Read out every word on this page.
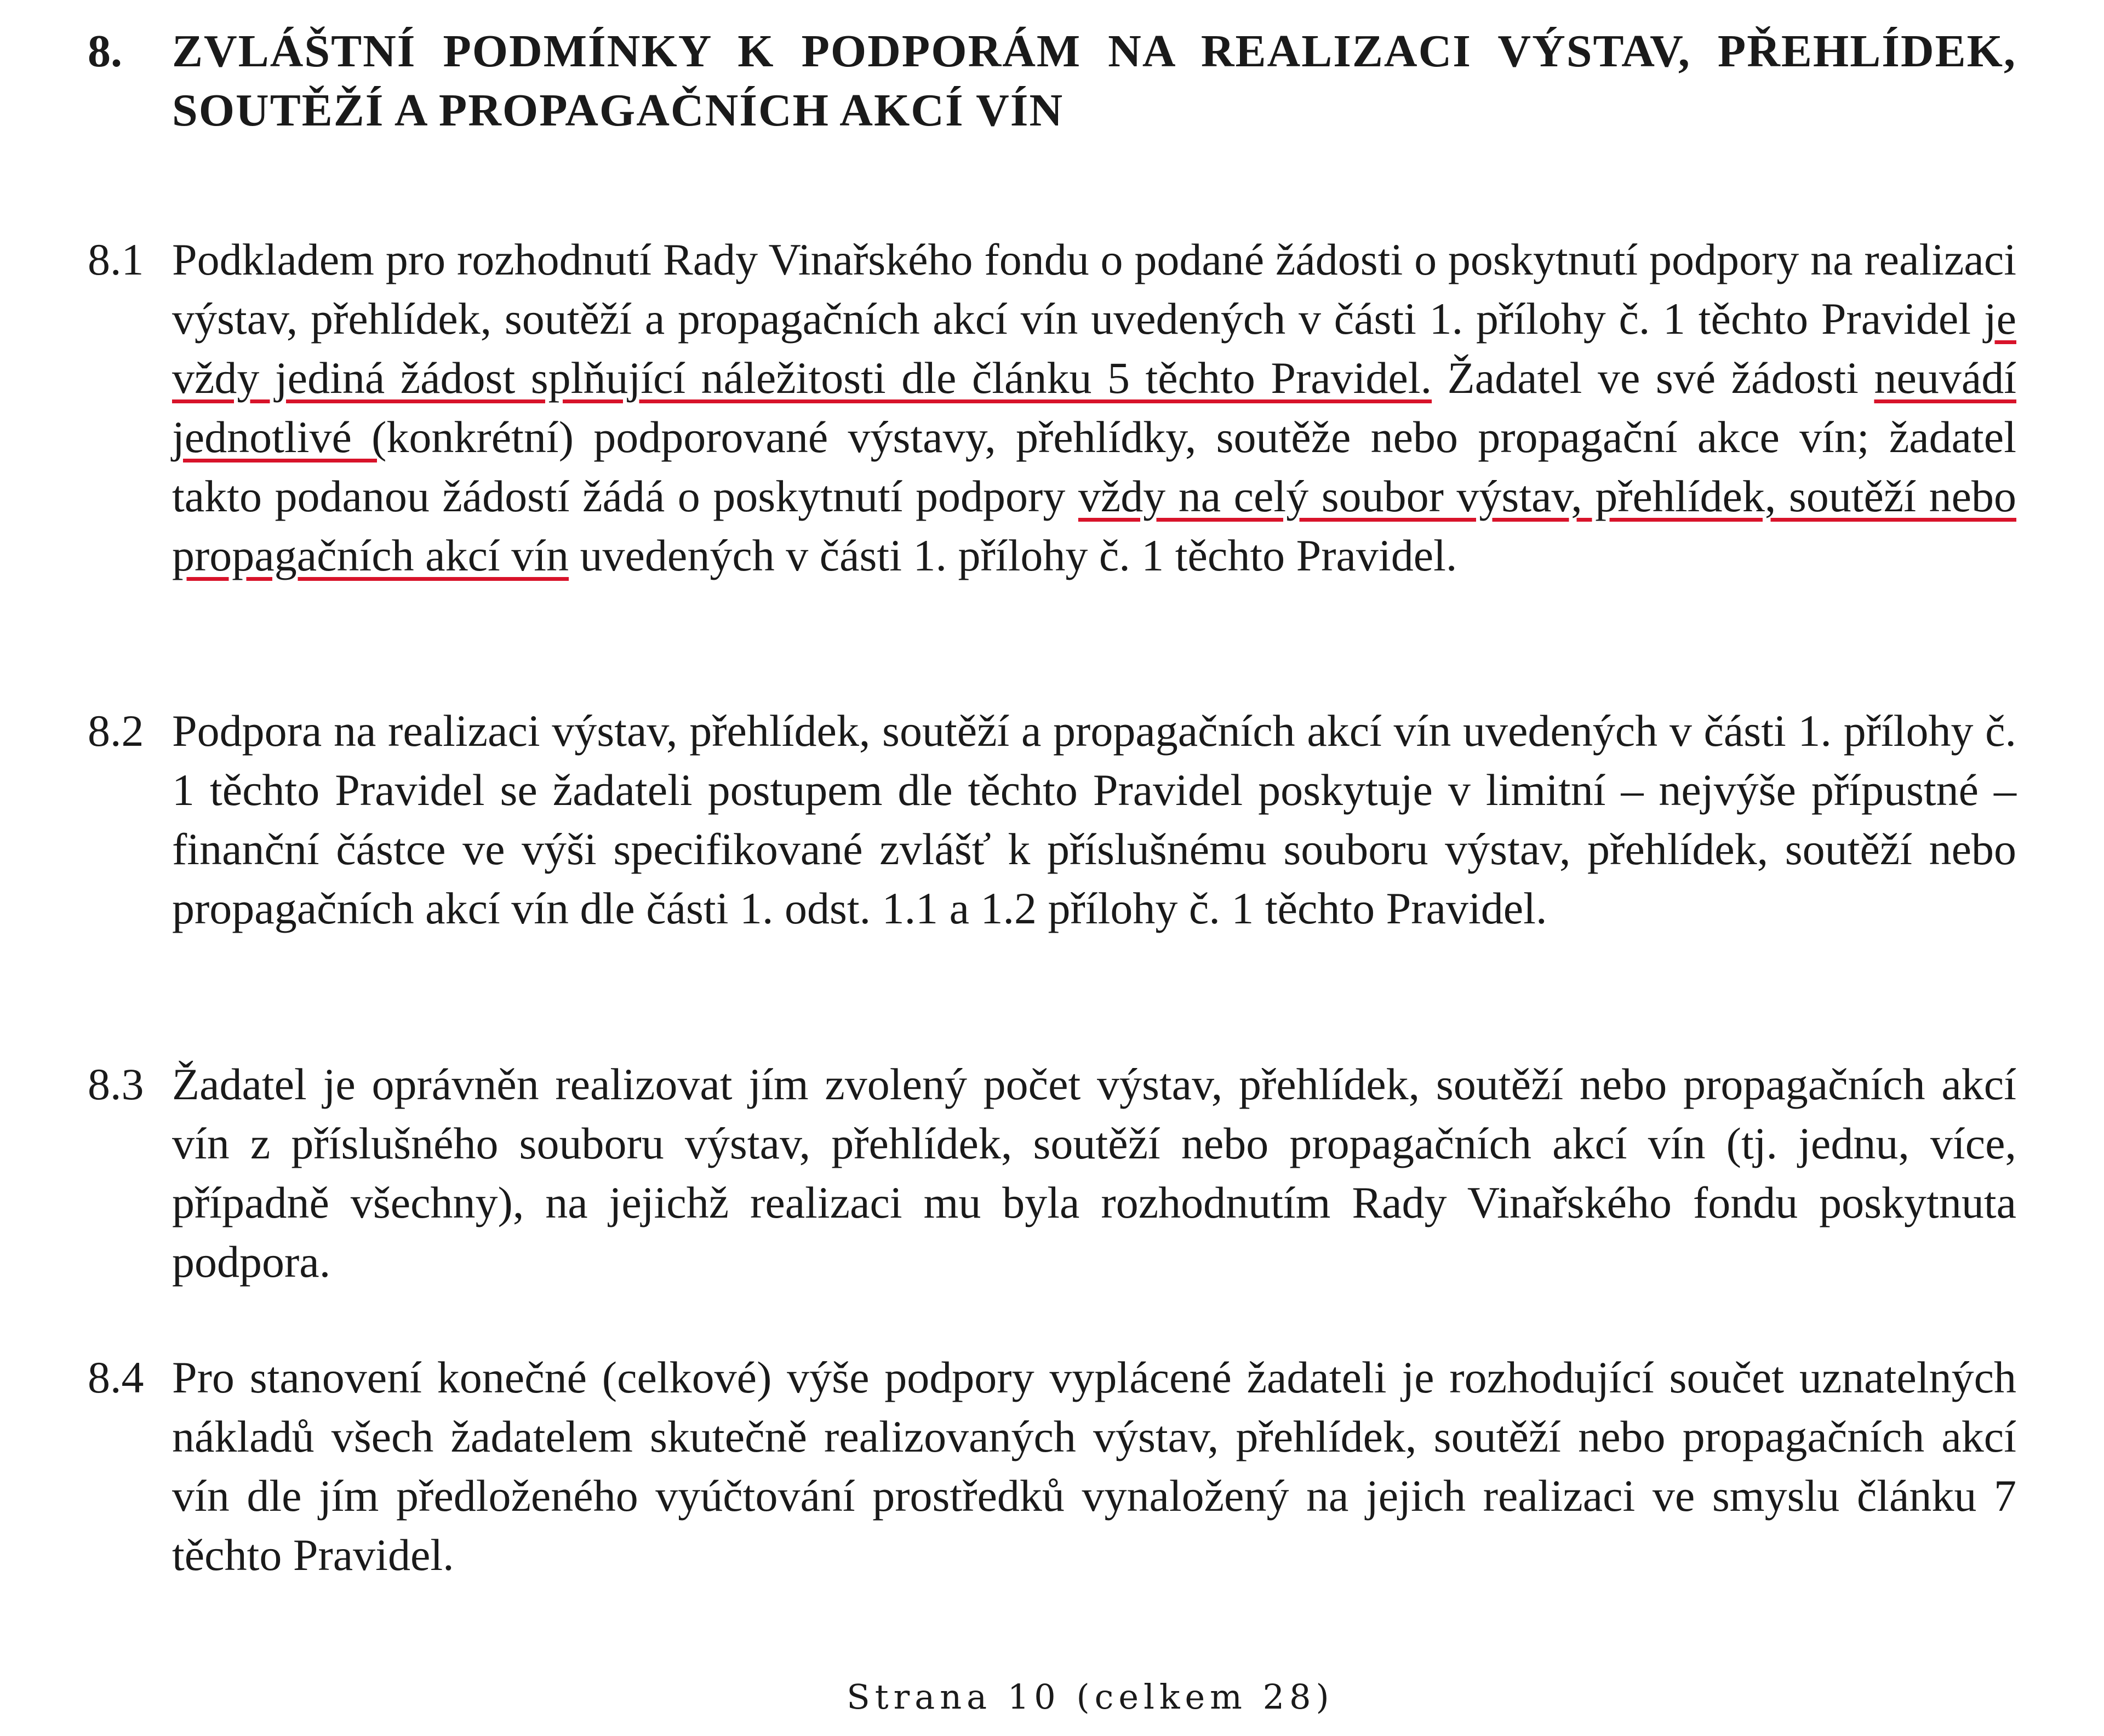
8. ZVLÁŠTNÍ PODMÍNKY K PODPORÁM NA REALIZACI VÝSTAV, PŘEHLÍDEK, SOUTĚŽÍ A PROPAGAČNÍCH AKCÍ VÍN
8.1 Podkladem pro rozhodnutí Rady Vinařského fondu o podané žádosti o poskytnutí podpory na realizaci výstav, přehlídek, soutěží a propagačních akcí vín uvedených v části 1. přílohy č. 1 těchto Pravidel je vždy jediná žádost splňující náležitosti dle článku 5 těchto Pravidel. Žadatel ve své žádosti neuvádí jednotlivé (konkrétní) podporované výstavy, přehlídky, soutěže nebo propagační akce vín; žadatel takto podanou žádostí žádá o poskytnutí podpory vždy na celý soubor výstav, přehlídek, soutěží nebo propagačních akcí vín uvedených v části 1. přílohy č. 1 těchto Pravidel.
8.2 Podpora na realizaci výstav, přehlídek, soutěží a propagačních akcí vín uvedených v části 1. přílohy č. 1 těchto Pravidel se žadateli postupem dle těchto Pravidel poskytuje v limitní – nejvýše přípustné – finanční částce ve výši specifikované zvlášť k příslušnému souboru výstav, přehlídek, soutěží nebo propagačních akcí vín dle části 1. odst. 1.1 a 1.2 přílohy č. 1 těchto Pravidel.
8.3 Žadatel je oprávněn realizovat jím zvolený počet výstav, přehlídek, soutěží nebo propagačních akcí vín z příslušného souboru výstav, přehlídek, soutěží nebo propagačních akcí vín (tj. jednu, více, případně všechny), na jejichž realizaci mu byla rozhodnutím Rady Vinařského fondu poskytnuta podpora.
8.4 Pro stanovení konečné (celkové) výše podpory vyplácené žadateli je rozhodující součet uznatelných nákladů všech žadatelem skutečně realizovaných výstav, přehlídek, soutěží nebo propagačních akcí vín dle jím předloženého vyúčtování prostředků vynaložený na jejich realizaci ve smyslu článku 7 těchto Pravidel.
Strana 10 (celkem 28)
